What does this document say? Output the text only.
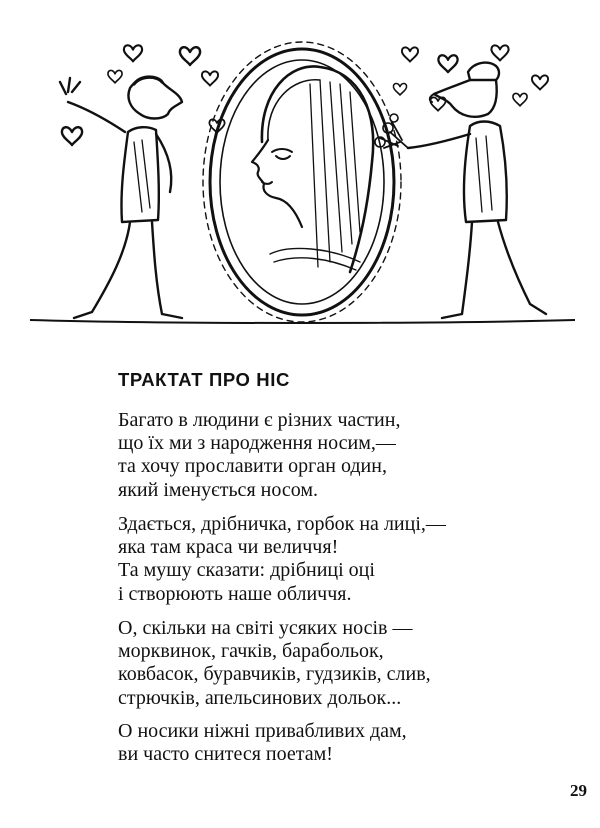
ТРАКТАТ ПРО НІС

Багато в людини є різних частин,
що їх ми з народження носим,—
та хочу прославити орган один,
який іменується носом.

Здається, дрібничка, горбок на лиці,—
яка там краса чи величчя!
Та мушу сказати: дрібниці оці
і створюють наше обличчя.

О, скільки на світі усяких носів —
морквинок, гачків, барабольок,
ковбасок, буравчиків, гудзиків, слив,
стрючків, апельсинових дольок...

О носики ніжні привабливих дам,
ви часто снитеся поетам!

29
